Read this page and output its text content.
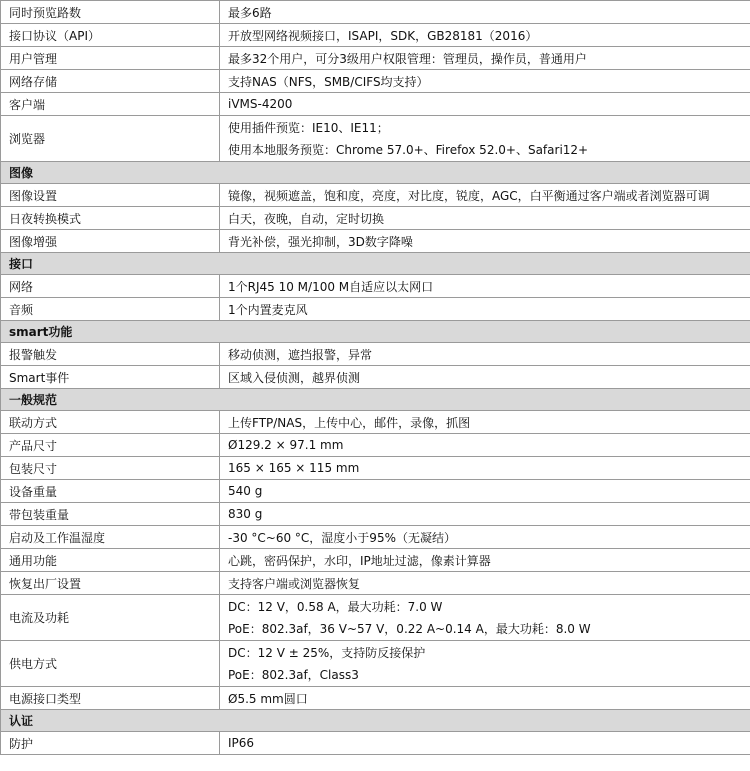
同时预览路数	最多6路
接口协议（API）	开放型网络视频接口，ISAPI，SDK，GB28181（2016）
用户管理	最多32个用户，可分3级用户权限管理：管理员，操作员，普通用户
网络存储	支持NAS（NFS，SMB/CIFS均支持）
客户端	iVMS-4200
浏览器	使用插件预览：IE10、IE11；
使用本地服务预览：Chrome 57.0+、Firefox 52.0+、Safari12+

图像	
图像设置	镜像，视频遮盖，饱和度，亮度，对比度，锐度，AGC，白平衡通过客户端或者浏览器可调
日夜转换模式	白天，夜晚，自动，定时切换
图像增强	背光补偿，强光抑制，3D数字降噪
接口	
网络	1个RJ45 10 M/100 M自适应以太网口
音频	1个内置麦克风
smart功能	
报警触发	移动侦测，遮挡报警，异常
Smart事件	区域入侵侦测，越界侦测
一般规范	
联动方式	上传FTP/NAS，上传中心，邮件，录像，抓图
产品尺寸	Ø129.2 × 97.1 mm
包装尺寸	165 × 165 × 115 mm
设备重量	540 g
带包装重量	830 g
启动及工作温湿度	-30 °C~60 °C，湿度小于95%（无凝结）
通用功能	心跳，密码保护，水印，IP地址过滤，像素计算器
恢复出厂设置	支持客户端或浏览器恢复
电流及功耗	DC：12 V，0.58 A，最大功耗：7.0 W
PoE：802.3af，36 V~57 V，0.22 A~0.14 A，最大功耗：8.0 W

供电方式	DC：12 V ± 25%，支持防反接保护
PoE：802.3af，Class3

电源接口类型	Ø5.5 mm圆口
认证	
防护	IP66
